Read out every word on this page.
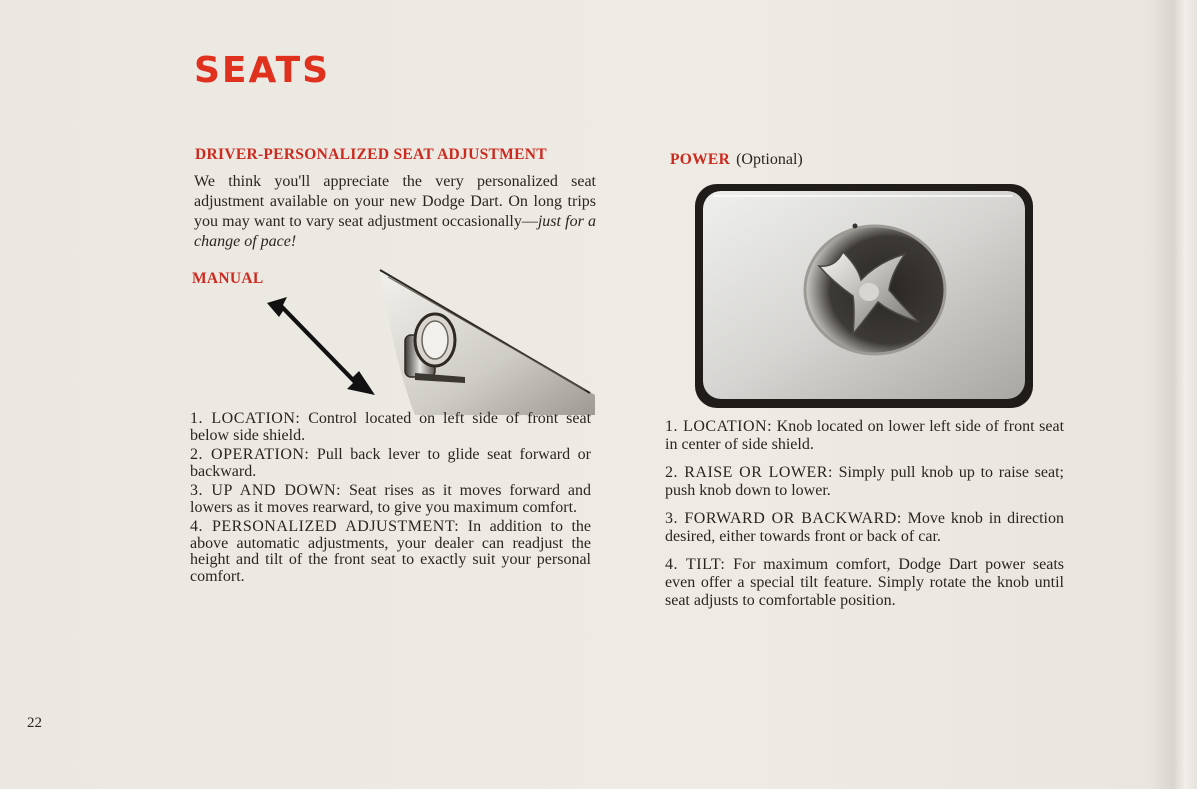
SEATS
DRIVER-PERSONALIZED SEAT ADJUSTMENT

We think you'll appreciate the very personalized seat adjustment available on your new Dodge Dart. On long trips you may want to vary seat adjustment occasionally—just for a change of pace!

MANUAL

1. LOCATION: Control located on left side of front seat below side shield.

2. OPERATION: Pull back lever to glide seat forward or backward.

3. UP AND DOWN: Seat rises as it moves forward and lowers as it moves rearward, to give you maximum comfort.

4. PERSONALIZED ADJUSTMENT: In addition to the above automatic adjustments, your dealer can readjust the height and tilt of the front seat to exactly suit your personal comfort.

POWER (Optional)

1. LOCATION: Knob located on lower left side of front seat in center of side shield.

2. RAISE OR LOWER: Simply pull knob up to raise seat; push knob down to lower.

3. FORWARD OR BACKWARD: Move knob in direction desired, either towards front or back of car.

4. TILT: For maximum comfort, Dodge Dart power seats even offer a special tilt feature. Simply rotate the knob until seat adjusts to comfortable position.

22
